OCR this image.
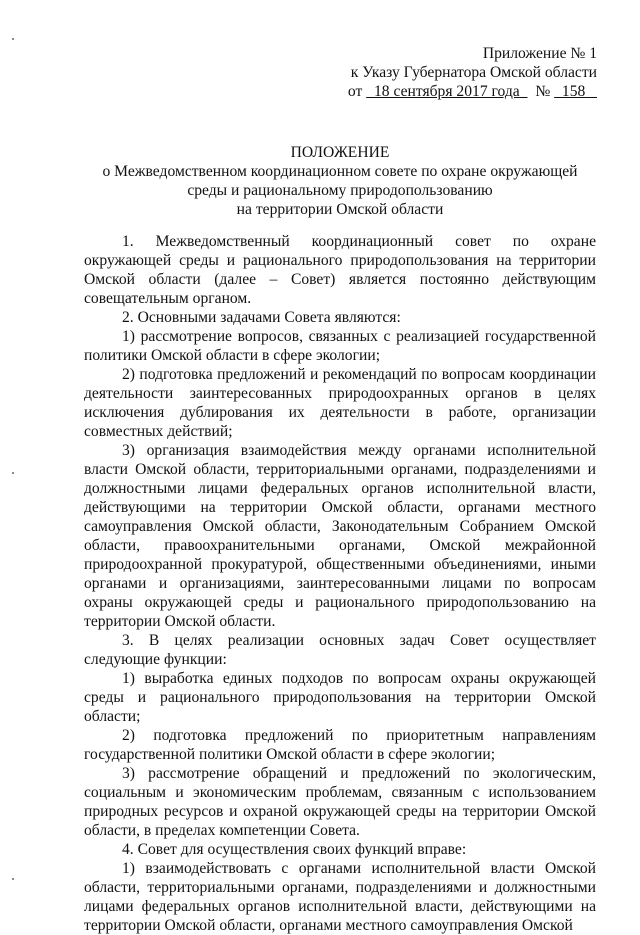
Приложение № 1
к Указу Губернатора Омской области
от 18 сентября 2017 года № 158
ПОЛОЖЕНИЕ
о Межведомственном координационном совете по охране окружающей
среды и рациональному природопользованию
на территории Омской области

1. Межведомственный координационный совет по охране окружающей среды и рационального природопользования на территории Омской области (далее – Совет) является постоянно действующим совещательным органом.

2. Основными задачами Совета являются:

1) рассмотрение вопросов, связанных с реализацией государственной политики Омской области в сфере экологии;

2) подготовка предложений и рекомендаций по вопросам координации деятельности заинтересованных природоохранных органов в целях исключения дублирования их деятельности в работе, организации совместных действий;

3) организация взаимодействия между органами исполнительной власти Омской области, территориальными органами, подразделениями и должностными лицами федеральных органов исполнительной власти, действующими на территории Омской области, органами местного самоуправления Омской области, Законодательным Собранием Омской области, правоохранительными органами, Омской межрайонной природоохранной прокуратурой, общественными объединениями, иными органами и организациями, заинтересованными лицами по вопросам охраны окружающей среды и рационального природопользованию на территории Омской области.

3. В целях реализации основных задач Совет осуществляет следующие функции:

1) выработка единых подходов по вопросам охраны окружающей среды и рационального природопользования на территории Омской области;

2) подготовка предложений по приоритетным направлениям государственной политики Омской области в сфере экологии;

3) рассмотрение обращений и предложений по экологическим, социальным и экономическим проблемам, связанным с использованием природных ресурсов и охраной окружающей среды на территории Омской области, в пределах компетенции Совета.

4. Совет для осуществления своих функций вправе:

1) взаимодействовать с органами исполнительной власти Омской области, территориальными органами, подразделениями и должностными лицами федеральных органов исполнительной власти, действующими на территории Омской области, органами местного самоуправления Омской
